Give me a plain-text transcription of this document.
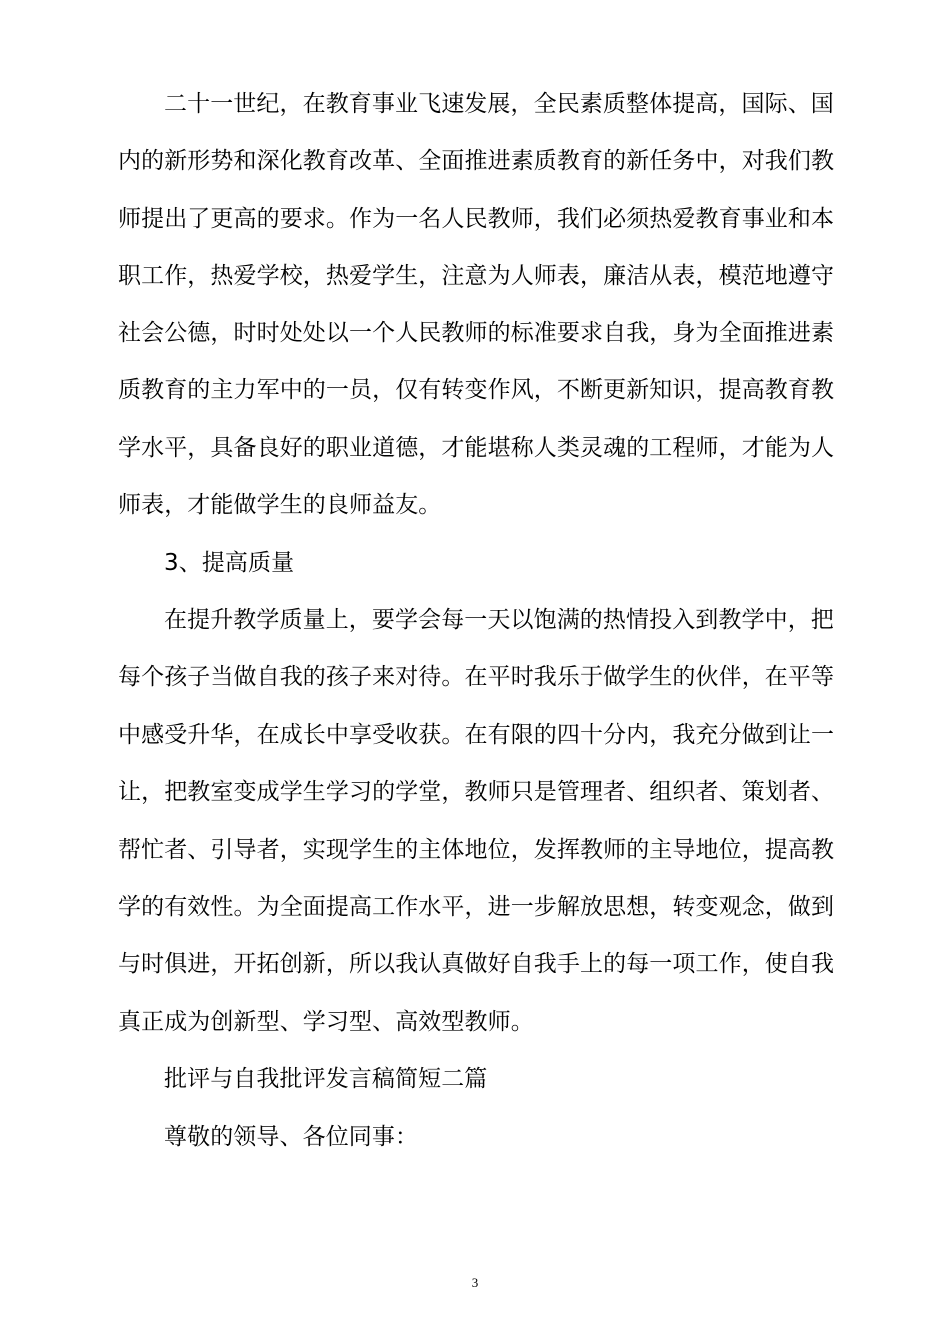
二十一世纪，在教育事业飞速发展，全民素质整体提高，国际、国
内的新形势和深化教育改革、全面推进素质教育的新任务中，对我们教
师提出了更高的要求。作为一名人民教师，我们必须热爱教育事业和本
职工作，热爱学校，热爱学生，注意为人师表，廉洁从表，模范地遵守
社会公德，时时处处以一个人民教师的标准要求自我，身为全面推进素
质教育的主力军中的一员，仅有转变作风，不断更新知识，提高教育教
学水平，具备良好的职业道德，才能堪称人类灵魂的工程师，才能为人
师表，才能做学生的良师益友。
3、提高质量
在提升教学质量上，要学会每一天以饱满的热情投入到教学中，把
每个孩子当做自我的孩子来对待。在平时我乐于做学生的伙伴，在平等
中感受升华，在成长中享受收获。在有限的四十分内，我充分做到让一
让，把教室变成学生学习的学堂，教师只是管理者、组织者、策划者、
帮忙者、引导者，实现学生的主体地位，发挥教师的主导地位，提高教
学的有效性。为全面提高工作水平，进一步解放思想，转变观念，做到
与时俱进，开拓创新，所以我认真做好自我手上的每一项工作，使自我
真正成为创新型、学习型、高效型教师。
批评与自我批评发言稿简短二篇
尊敬的领导、各位同事：
3
